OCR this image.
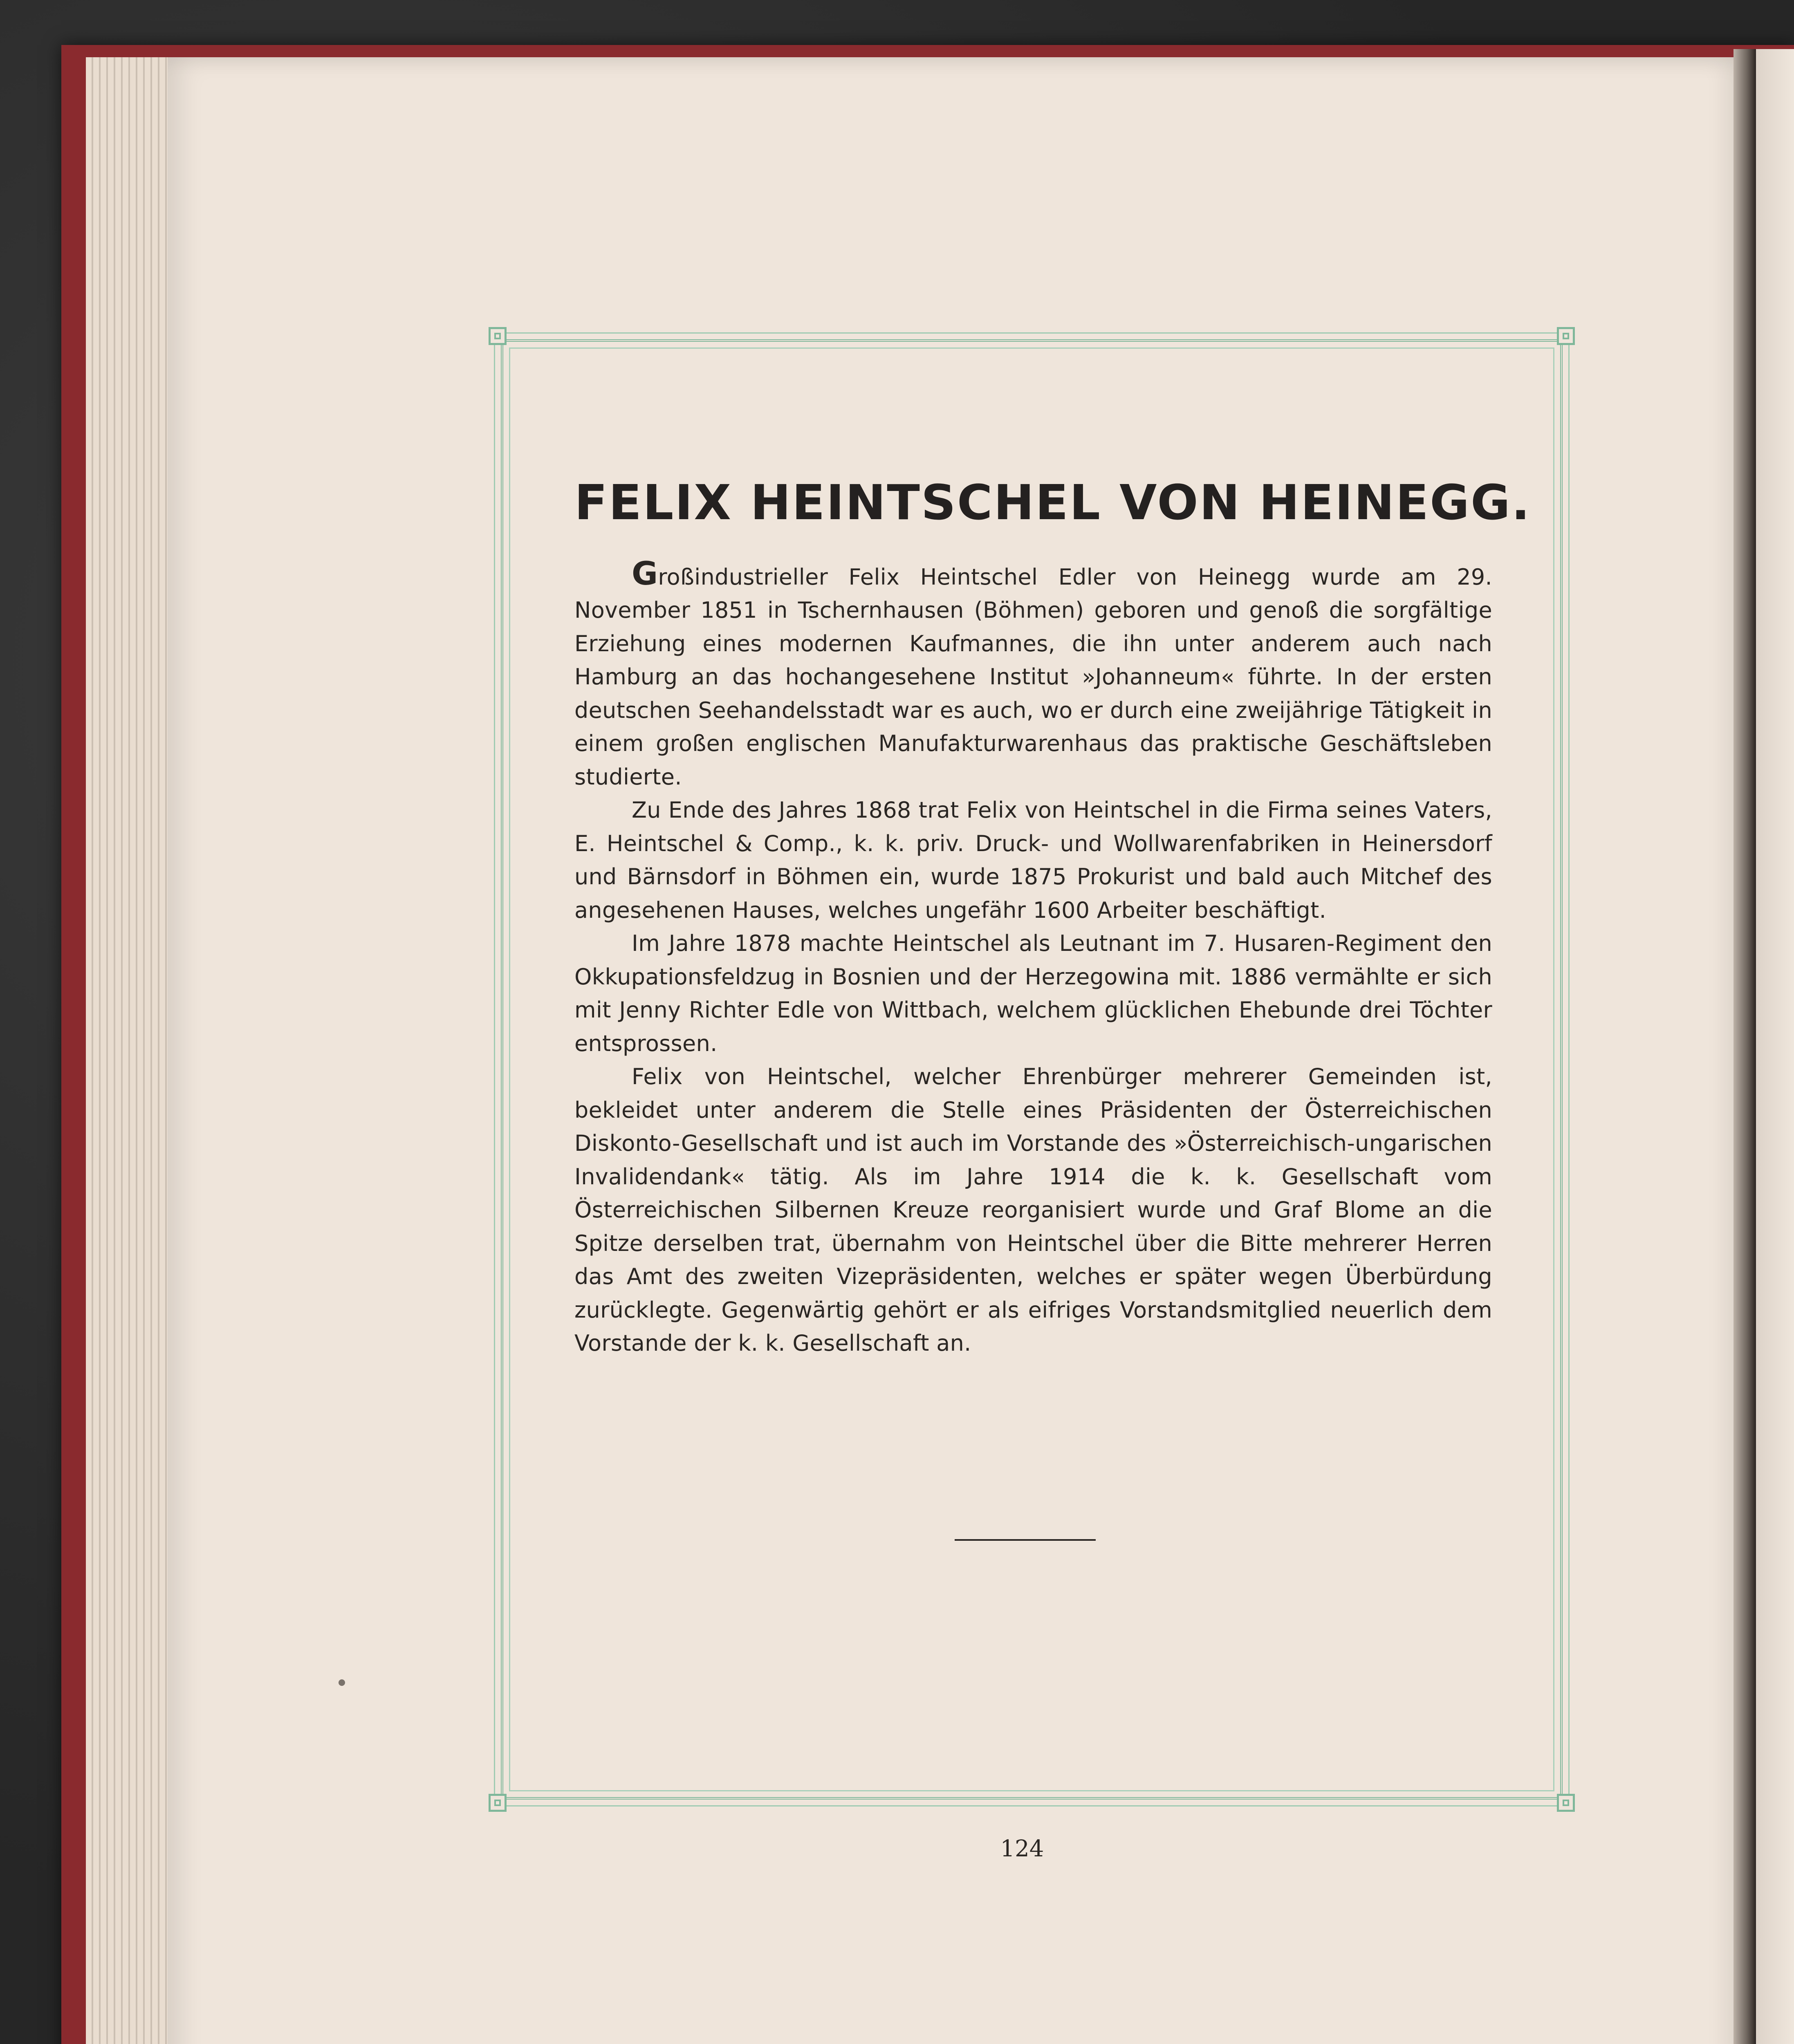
FELIX HEINTSCHEL VON HEINEGG.

Großindustrieller Felix Heintschel Edler von Heinegg wurde am 29. November 1851 in Tschernhausen (Böhmen) geboren und genoß die sorgfältige Erziehung eines modernen Kaufmannes, die ihn unter anderem auch nach Hamburg an das hochangesehene Institut »Johanneum« führte. In der ersten deutschen Seehandelsstadt war es auch, wo er durch eine zweijährige Tätigkeit in einem großen englischen Manufakturwarenhaus das praktische Geschäftsleben studierte.

Zu Ende des Jahres 1868 trat Felix von Heintschel in die Firma seines Vaters, E. Heintschel & Comp., k. k. priv. Druck- und Wollwarenfabriken in Heinersdorf und Bärnsdorf in Böhmen ein, wurde 1875 Prokurist und bald auch Mitchef des angesehenen Hauses, welches ungefähr 1600 Arbeiter beschäftigt.

Im Jahre 1878 machte Heintschel als Leutnant im 7. Husaren-Regiment den Okkupationsfeldzug in Bosnien und der Herzegowina mit. 1886 vermählte er sich mit Jenny Richter Edle von Wittbach, welchem glücklichen Ehebunde drei Töchter entsprossen.

Felix von Heintschel, welcher Ehrenbürger mehrerer Gemeinden ist, bekleidet unter anderem die Stelle eines Präsidenten der Österreichischen Diskonto-Gesellschaft und ist auch im Vorstande des »Österreichisch-ungarischen Invalidendank« tätig. Als im Jahre 1914 die k. k. Gesellschaft vom Österreichischen Silbernen Kreuze reorganisiert wurde und Graf Blome an die Spitze derselben trat, übernahm von Heintschel über die Bitte mehrerer Herren das Amt des zweiten Vizepräsidenten, welches er später wegen Überbürdung zurücklegte. Gegenwärtig gehört er als eifriges Vorstandsmitglied neuerlich dem Vorstande der k. k. Gesellschaft an.

124
